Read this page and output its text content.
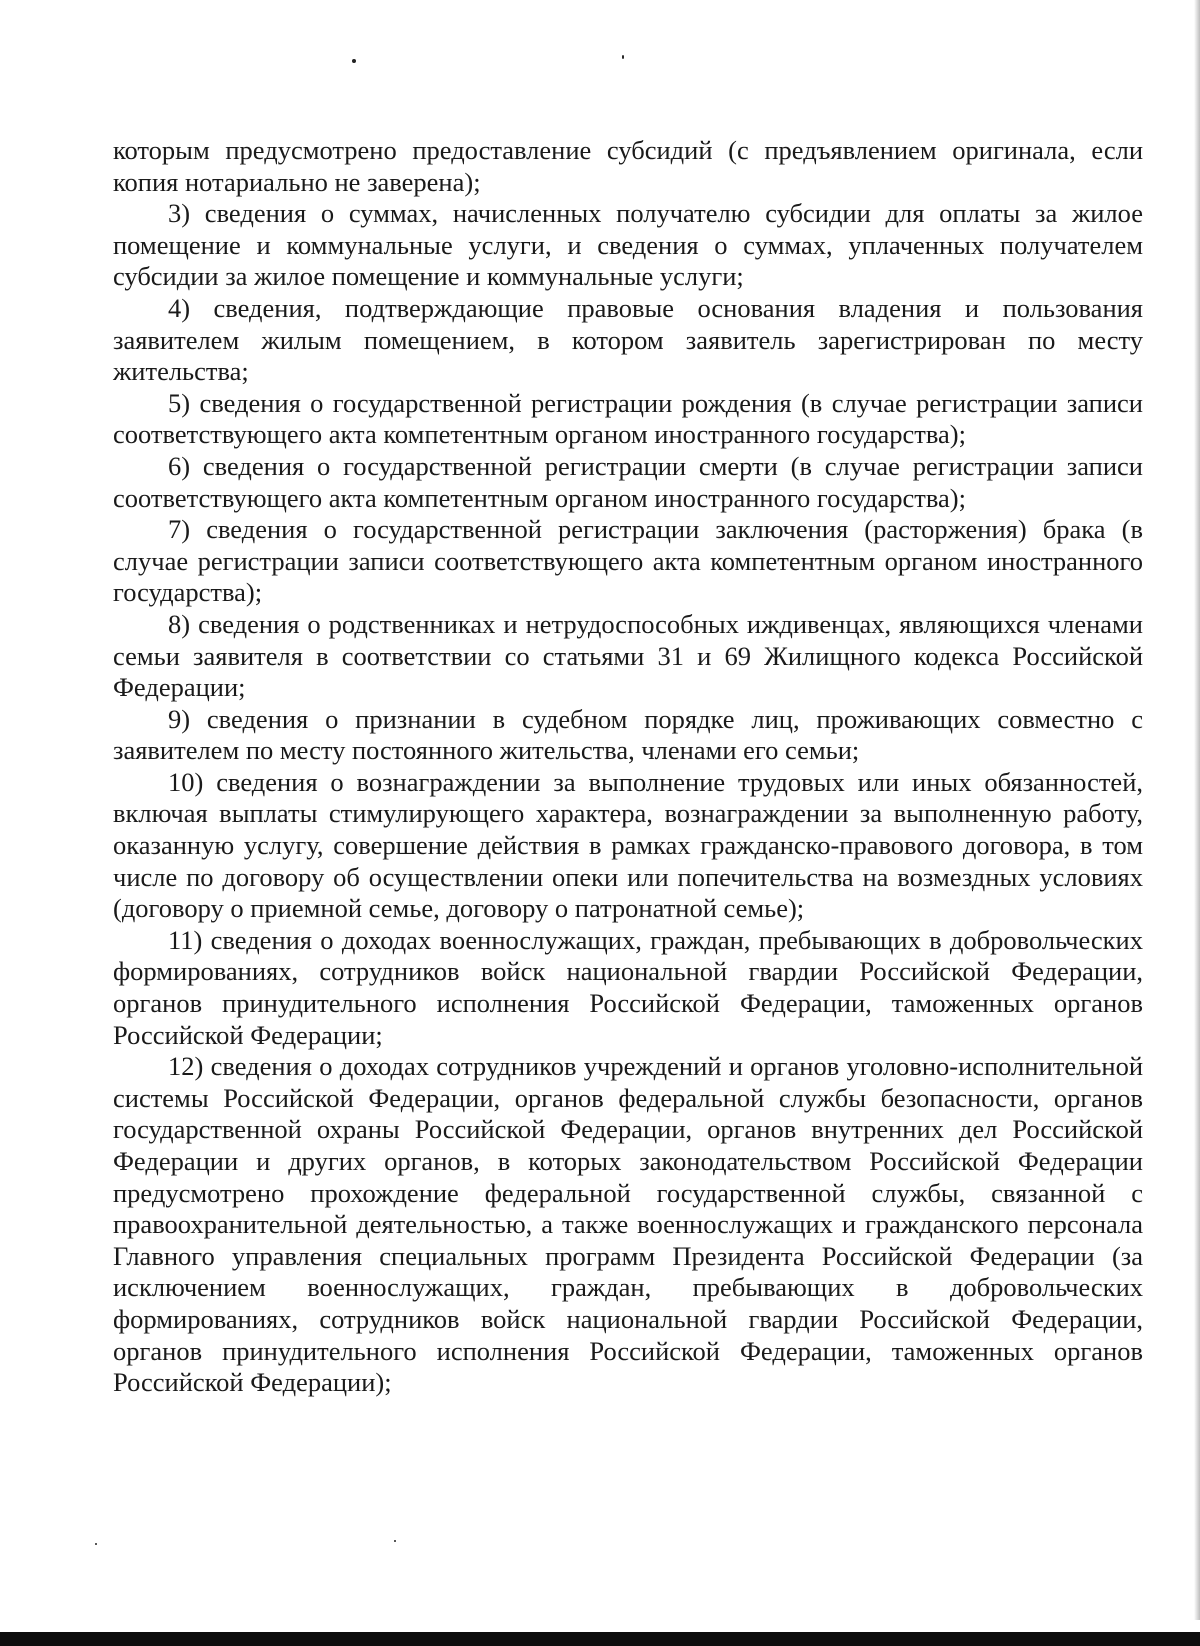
которым предусмотрено предоставление субсидий (с предъявлением оригинала, если копия нотариально не заверена);

3) сведения о суммах, начисленных получателю субсидии для оплаты за жилое помещение и коммунальные услуги, и сведения о суммах, уплаченных получателем субсидии за жилое помещение и коммунальные услуги;

4) сведения, подтверждающие правовые основания владения и пользования заявителем жилым помещением, в котором заявитель зарегистрирован по месту жительства;

5) сведения о государственной регистрации рождения (в случае регистрации записи соответствующего акта компетентным органом иностранного государства);

6) сведения о государственной регистрации смерти (в случае регистрации записи соответствующего акта компетентным органом иностранного государства);

7) сведения о государственной регистрации заключения (расторжения) брака (в случае регистрации записи соответствующего акта компетентным органом иностранного государства);

8) сведения о родственниках и нетрудоспособных иждивенцах, являющихся членами семьи заявителя в соответствии со статьями 31 и 69 Жилищного кодекса Российской Федерации;

9) сведения о признании в судебном порядке лиц, проживающих совместно с заявителем по месту постоянного жительства, членами его семьи;

10) сведения о вознаграждении за выполнение трудовых или иных обязанностей, включая выплаты стимулирующего характера, вознаграждении за выполненную работу, оказанную услугу, совершение действия в рамках гражданско-правового договора, в том числе по договору об осуществлении опеки или попечительства на возмездных условиях (договору о приемной семье, договору о патронатной семье);

11) сведения о доходах военнослужащих, граждан, пребывающих в добровольческих формированиях, сотрудников войск национальной гвардии Российской Федерации, органов принудительного исполнения Российской Федерации, таможенных органов Российской Федерации;

12) сведения о доходах сотрудников учреждений и органов уголовно-исполнительной системы Российской Федерации, органов федеральной службы безопасности, органов государственной охраны Российской Федерации, органов внутренних дел Российской Федерации и других органов, в которых законодательством Российской Федерации предусмотрено прохождение федеральной государственной службы, связанной с правоохранительной деятельностью, а также военнослужащих и гражданского персонала Главного управления специальных программ Президента Российской Федерации (за исключением военнослужащих, граждан, пребывающих в добровольческих формированиях, сотрудников войск национальной гвардии Российской Федерации, органов принудительного исполнения Российской Федерации, таможенных органов Российской Федерации);
